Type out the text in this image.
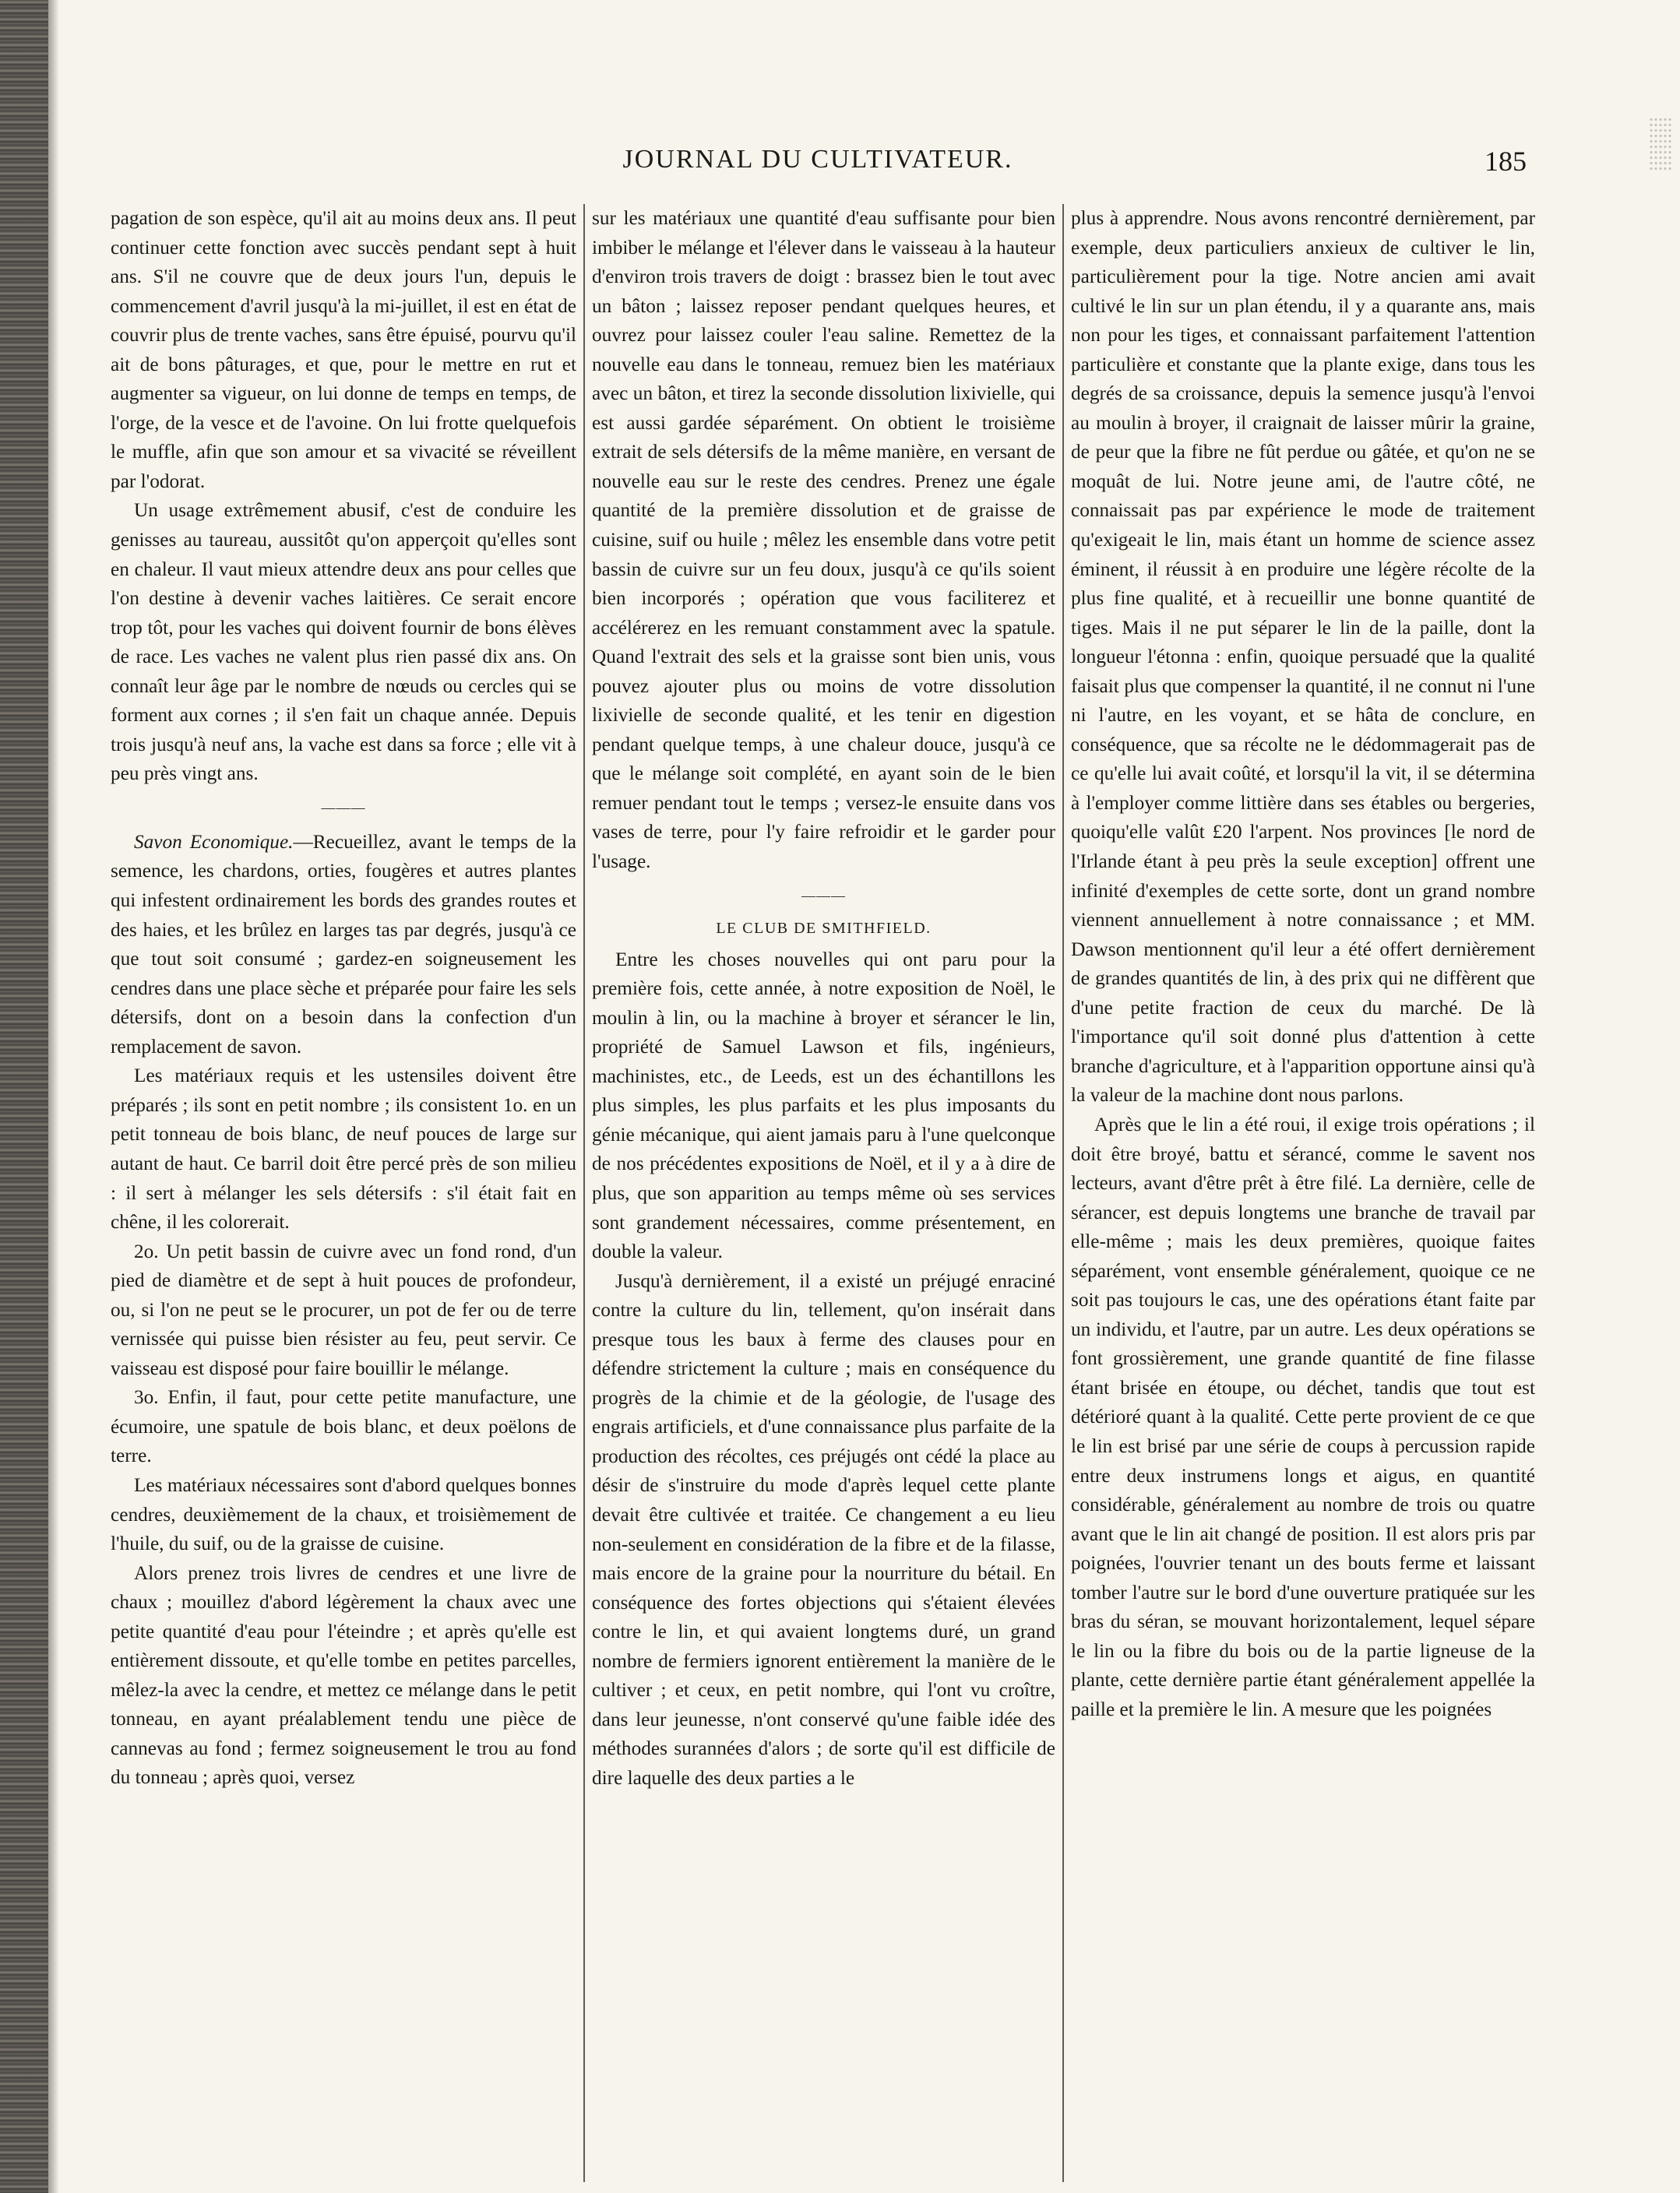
JOURNAL DU CULTIVATEUR.	185

pagation de son espèce, qu'il ait au moins deux ans. Il peut continuer cette fonction avec succès pendant sept à huit ans. S'il ne couvre que de deux jours l'un, depuis le commencement d'avril jusqu'à la mi-juillet, il est en état de couvrir plus de trente vaches, sans être épuisé, pourvu qu'il ait de bons pâturages, et que, pour le mettre en rut et augmenter sa vigueur, on lui donne de temps en temps, de l'orge, de la vesce et de l'avoine. On lui frotte quelquefois le muffle, afin que son amour et sa vivacité se réveillent par l'odorat.

Un usage extrêmement abusif, c'est de conduire les genisses au taureau, aussitôt qu'on apperçoit qu'elles sont en chaleur. Il vaut mieux attendre deux ans pour celles que l'on destine à devenir vaches laitières. Ce serait encore trop tôt, pour les vaches qui doivent fournir de bons élèves de race. Les vaches ne valent plus rien passé dix ans. On connaît leur âge par le nombre de nœuds ou cercles qui se forment aux cornes ; il s'en fait un chaque année. Depuis trois jusqu'à neuf ans, la vache est dans sa force ; elle vit à peu près vingt ans.

———

Savon Economique.—Recueillez, avant le temps de la semence, les chardons, orties, fougères et autres plantes qui infestent ordinairement les bords des grandes routes et des haies, et les brûlez en larges tas par degrés, jusqu'à ce que tout soit consumé ; gardez-en soigneusement les cendres dans une place sèche et préparée pour faire les sels détersifs, dont on a besoin dans la confection d'un remplacement de savon.

Les matériaux requis et les ustensiles doivent être préparés ; ils sont en petit nombre ; ils consistent 1o. en un petit tonneau de bois blanc, de neuf pouces de large sur autant de haut. Ce barril doit être percé près de son milieu : il sert à mélanger les sels détersifs : s'il était fait en chêne, il les colorerait.

2o. Un petit bassin de cuivre avec un fond rond, d'un pied de diamètre et de sept à huit pouces de profondeur, ou, si l'on ne peut se le procurer, un pot de fer ou de terre vernissée qui puisse bien résister au feu, peut servir. Ce vaisseau est disposé pour faire bouillir le mélange.

3o. Enfin, il faut, pour cette petite manufacture, une écumoire, une spatule de bois blanc, et deux poëlons de terre.

Les matériaux nécessaires sont d'abord quelques bonnes cendres, deuxièmement de la chaux, et troisièmement de l'huile, du suif, ou de la graisse de cuisine.

Alors prenez trois livres de cendres et une livre de chaux ; mouillez d'abord légèrement la chaux avec une petite quantité d'eau pour l'éteindre ; et après qu'elle est entièrement dissoute, et qu'elle tombe en petites parcelles, mêlez-la avec la cendre, et mettez ce mélange dans le petit tonneau, en ayant préalablement tendu une pièce de cannevas au fond ; fermez soigneusement le trou au fond du tonneau ; après quoi, versez

sur les matériaux une quantité d'eau suffisante pour bien imbiber le mélange et l'élever dans le vaisseau à la hauteur d'environ trois travers de doigt : brassez bien le tout avec un bâton ; laissez reposer pendant quelques heures, et ouvrez pour laissez couler l'eau saline. Remettez de la nouvelle eau dans le tonneau, remuez bien les matériaux avec un bâton, et tirez la seconde dissolution lixivielle, qui est aussi gardée séparément. On obtient le troisième extrait de sels détersifs de la même manière, en versant de nouvelle eau sur le reste des cendres. Prenez une égale quantité de la première dissolution et de graisse de cuisine, suif ou huile ; mêlez les ensemble dans votre petit bassin de cuivre sur un feu doux, jusqu'à ce qu'ils soient bien incorporés ; opération que vous faciliterez et accélérerez en les remuant constamment avec la spatule. Quand l'extrait des sels et la graisse sont bien unis, vous pouvez ajouter plus ou moins de votre dissolution lixivielle de seconde qualité, et les tenir en digestion pendant quelque temps, à une chaleur douce, jusqu'à ce que le mélange soit complété, en ayant soin de le bien remuer pendant tout le temps ; versez-le ensuite dans vos vases de terre, pour l'y faire refroidir et le garder pour l'usage.

———
LE CLUB DE SMITHFIELD.

Entre les choses nouvelles qui ont paru pour la première fois, cette année, à notre exposition de Noël, le moulin à lin, ou la machine à broyer et sérancer le lin, propriété de Samuel Lawson et fils, ingénieurs, machinistes, etc., de Leeds, est un des échantillons les plus simples, les plus parfaits et les plus imposants du génie mécanique, qui aient jamais paru à l'une quelconque de nos précédentes expositions de Noël, et il y a à dire de plus, que son apparition au temps même où ses services sont grandement nécessaires, comme présentement, en double la valeur.

Jusqu'à dernièrement, il a existé un préjugé enraciné contre la culture du lin, tellement, qu'on insérait dans presque tous les baux à ferme des clauses pour en défendre strictement la culture ; mais en conséquence du progrès de la chimie et de la géologie, de l'usage des engrais artificiels, et d'une connaissance plus parfaite de la production des récoltes, ces préjugés ont cédé la place au désir de s'instruire du mode d'après lequel cette plante devait être cultivée et traitée. Ce changement a eu lieu non-seulement en considération de la fibre et de la filasse, mais encore de la graine pour la nourriture du bétail. En conséquence des fortes objections qui s'étaient élevées contre le lin, et qui avaient longtems duré, un grand nombre de fermiers ignorent entièrement la manière de le cultiver ; et ceux, en petit nombre, qui l'ont vu croître, dans leur jeunesse, n'ont conservé qu'une faible idée des méthodes surannées d'alors ; de sorte qu'il est difficile de dire laquelle des deux parties a le

plus à apprendre. Nous avons rencontré dernièrement, par exemple, deux particuliers anxieux de cultiver le lin, particulièrement pour la tige. Notre ancien ami avait cultivé le lin sur un plan étendu, il y a quarante ans, mais non pour les tiges, et connaissant parfaitement l'attention particulière et constante que la plante exige, dans tous les degrés de sa croissance, depuis la semence jusqu'à l'envoi au moulin à broyer, il craignait de laisser mûrir la graine, de peur que la fibre ne fût perdue ou gâtée, et qu'on ne se moquât de lui. Notre jeune ami, de l'autre côté, ne connaissait pas par expérience le mode de traitement qu'exigeait le lin, mais étant un homme de science assez éminent, il réussit à en produire une légère récolte de la plus fine qualité, et à recueillir une bonne quantité de tiges. Mais il ne put séparer le lin de la paille, dont la longueur l'étonna : enfin, quoique persuadé que la qualité faisait plus que compenser la quantité, il ne connut ni l'une ni l'autre, en les voyant, et se hâta de conclure, en conséquence, que sa récolte ne le dédommagerait pas de ce qu'elle lui avait coûté, et lorsqu'il la vit, il se détermina à l'employer comme littière dans ses étables ou bergeries, quoiqu'elle valût £20 l'arpent. Nos provinces [le nord de l'Irlande étant à peu près la seule exception] offrent une infinité d'exemples de cette sorte, dont un grand nombre viennent annuellement à notre connaissance ; et MM. Dawson mentionnent qu'il leur a été offert dernièrement de grandes quantités de lin, à des prix qui ne diffèrent que d'une petite fraction de ceux du marché. De là l'importance qu'il soit donné plus d'attention à cette branche d'agriculture, et à l'apparition opportune ainsi qu'à la valeur de la machine dont nous parlons.

Après que le lin a été roui, il exige trois opérations ; il doit être broyé, battu et sérancé, comme le savent nos lecteurs, avant d'être prêt à être filé. La dernière, celle de sérancer, est depuis longtems une branche de travail par elle-même ; mais les deux premières, quoique faites séparément, vont ensemble généralement, quoique ce ne soit pas toujours le cas, une des opérations étant faite par un individu, et l'autre, par un autre. Les deux opérations se font grossièrement, une grande quantité de fine filasse étant brisée en étoupe, ou déchet, tandis que tout est détérioré quant à la qualité. Cette perte provient de ce que le lin est brisé par une série de coups à percussion rapide entre deux instrumens longs et aigus, en quantité considérable, généralement au nombre de trois ou quatre avant que le lin ait changé de position. Il est alors pris par poignées, l'ouvrier tenant un des bouts ferme et laissant tomber l'autre sur le bord d'une ouverture pratiquée sur les bras du séran, se mouvant horizontalement, lequel sépare le lin ou la fibre du bois ou de la partie ligneuse de la plante, cette dernière partie étant généralement appellée la paille et la première le lin. A mesure que les poignées
